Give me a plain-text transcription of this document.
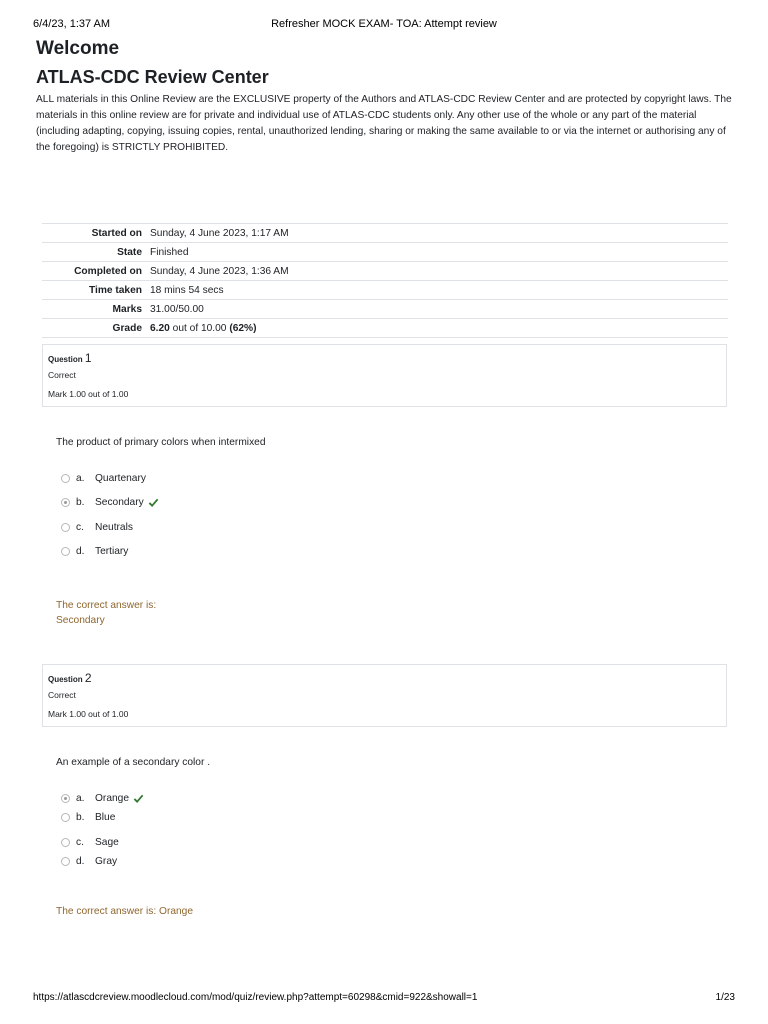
6/4/23, 1:37 AM	Refresher MOCK EXAM- TOA: Attempt review
Welcome
ATLAS-CDC Review Center

ALL materials in this Online Review are the EXCLUSIVE property of the Authors and ATLAS-CDC Review Center and are protected by copyright laws. The materials in this online review are for private and individual use of ATLAS-CDC students only. Any other use of the whole or any part of the material (including adapting, copying, issuing copies, rental, unauthorized lending, sharing or making the same available to or via the internet or authorising any of the foregoing) is STRICTLY PROHIBITED.

Started on	Sunday, 4 June 2023, 1:17 AM
State	Finished
Completed on	Sunday, 4 June 2023, 1:36 AM
Time taken	18 mins 54 secs
Marks	31.00/50.00
Grade	6.20 out of 10.00 (62%)
Question 1
Correct
Mark 1.00 out of 1.00
The product of primary colors when intermixed
a.	Quartenary
b.	Secondary
c.	Neutrals
d.	Tertiary
The correct answer is:
Secondary
Question 2
Correct
Mark 1.00 out of 1.00
An example of a secondary color .
a.	Orange
b.	Blue
c.	Sage
d.	Gray
The correct answer is: Orange
https://atlascdcreview.moodlecloud.com/mod/quiz/review.php?attempt=60298&cmid=922&showall=1	1/23
